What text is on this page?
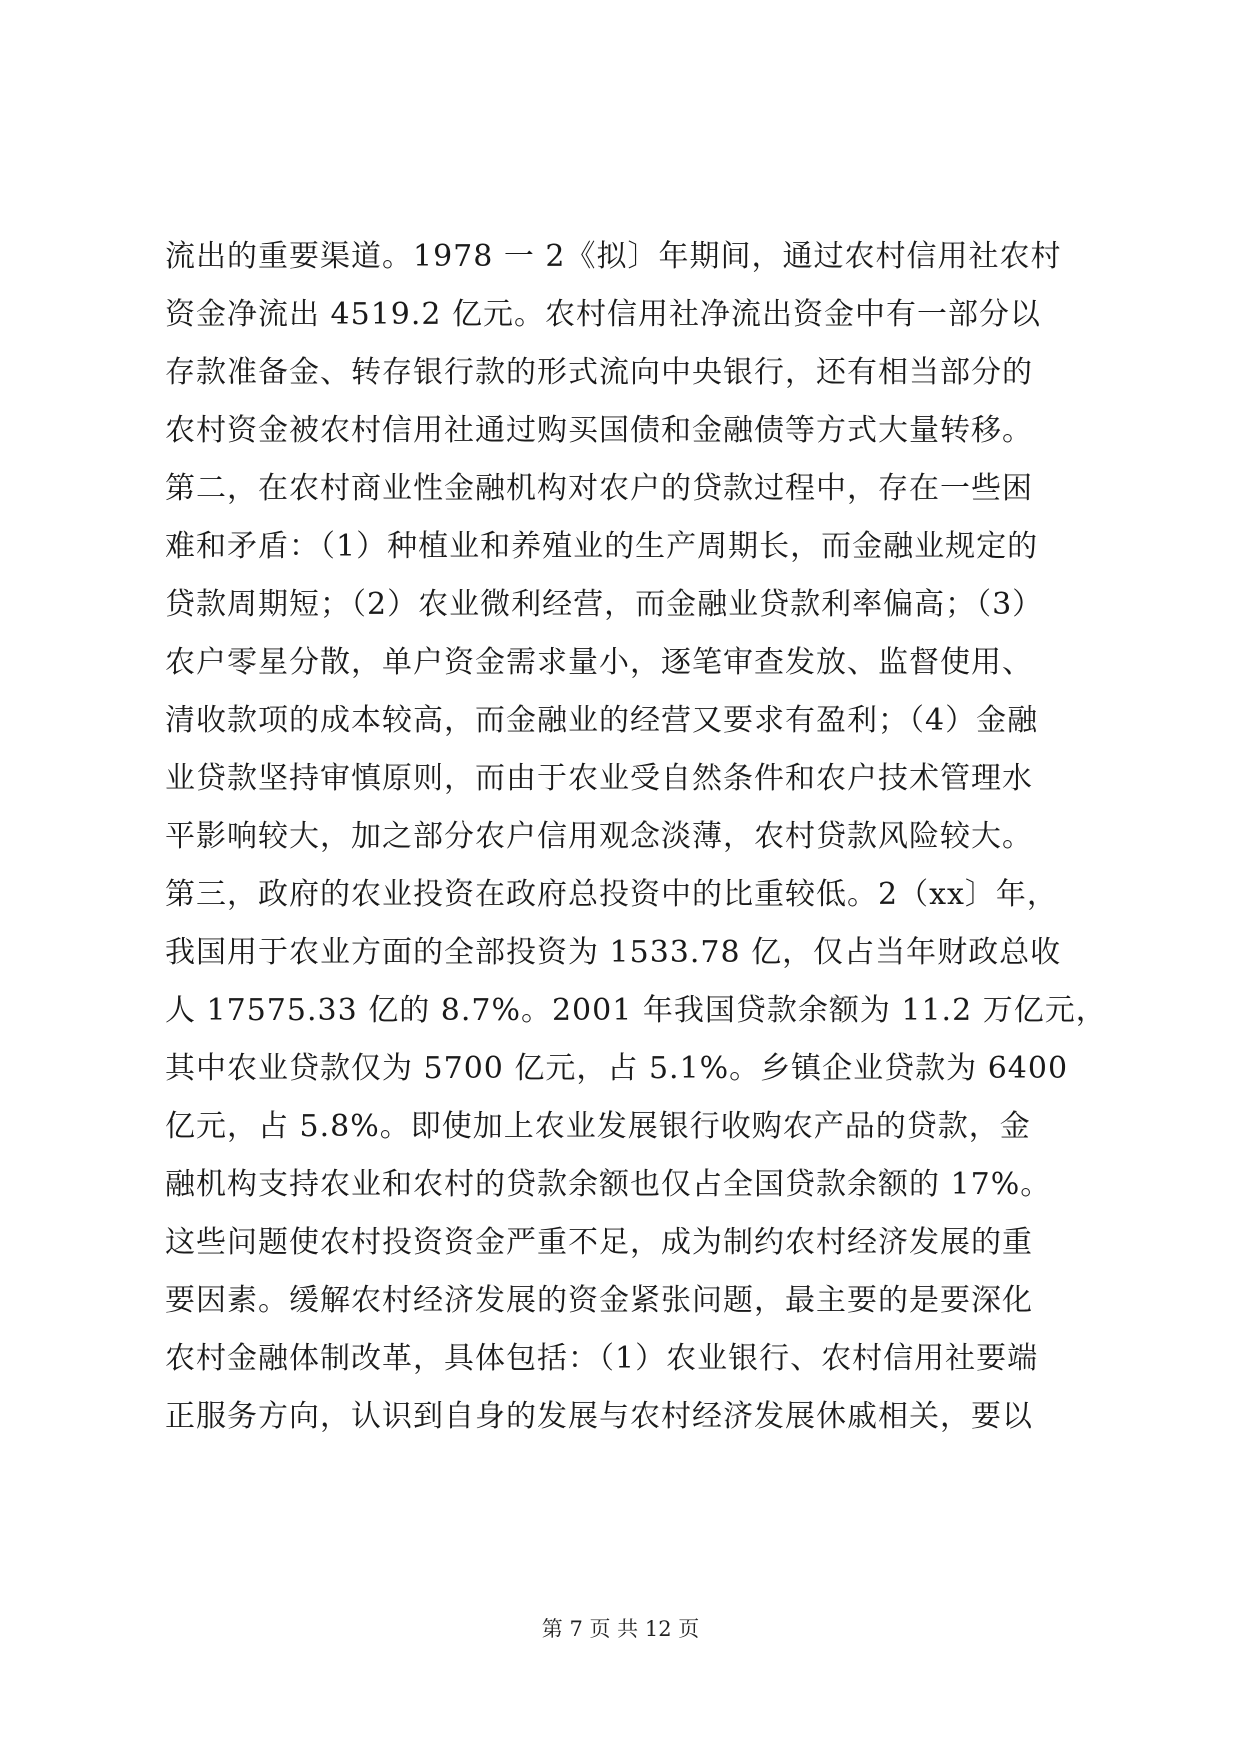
流出的重要渠道。1978 一 2《拟〕年期间，通过农村信用社农村
资金净流出 4519.2 亿元。农村信用社净流出资金中有一部分以
存款准备金、转存银行款的形式流向中央银行，还有相当部分的
农村资金被农村信用社通过购买国债和金融债等方式大量转移。
第二，在农村商业性金融机构对农户的贷款过程中，存在一些困
难和矛盾：（1）种植业和养殖业的生产周期长，而金融业规定的
贷款周期短；（2）农业微利经营，而金融业贷款利率偏高；（3）
农户零星分散，单户资金需求量小，逐笔审查发放、监督使用、
清收款项的成本较高，而金融业的经营又要求有盈利；（4）金融
业贷款坚持审慎原则，而由于农业受自然条件和农户技术管理水
平影响较大，加之部分农户信用观念淡薄，农村贷款风险较大。
第三，政府的农业投资在政府总投资中的比重较低。2（xx〕年，
我国用于农业方面的全部投资为 1533.78 亿，仅占当年财政总收
人 17575.33 亿的 8.7%。2001 年我国贷款余额为 11.2 万亿元，
其中农业贷款仅为 5700 亿元，占 5.1%。乡镇企业贷款为 6400
亿元，占 5.8%。即使加上农业发展银行收购农产品的贷款，金
融机构支持农业和农村的贷款余额也仅占全国贷款余额的 17%。
这些问题使农村投资资金严重不足，成为制约农村经济发展的重
要因素。缓解农村经济发展的资金紧张问题，最主要的是要深化
农村金融体制改革，具体包括：（1）农业银行、农村信用社要端
正服务方向，认识到自身的发展与农村经济发展休戚相关，要以
第 7 页 共 12 页
